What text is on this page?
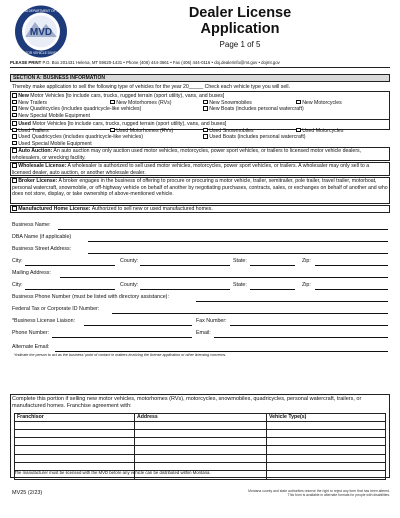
MVD
MONTANA DEPARTMENT OF JUSTICE
MOTOR VEHICLE DIVISION
Dealer License
Application
Page 1 of 5
PLEASE PRINT P.O. Box 201431 Helena, MT 59620-1431 • Phone (406) 444-3661 • Fax (406) 444-0116 • doj.dealerinfo@mt.gov • dojmt.gov
SECTION A: BUSINESS INFORMATION
Thereby make application to sell the following type of vehicles for the year 20_____ Check each vehicle type you will sell.
New Motor Vehicles [to include cars, trucks, rugged terrain (sport utility), vans, and buses]
New Trailers	New Motorhomes (RVs)	New Snowmobiles	New Motorcycles
New Quadricycles (includes quadricycle-like vehicles)	New Boats (includes personal watercraft)
New Special Mobile Equipment
Used Motor Vehicles [to include cars, trucks, rugged terrain (sport utility), vans, and buses]
Used Trailers	Used Motorhomes (RVs)	Used Snowmobiles	Used Motorcycles
Used Quadricycles (includes quadricycle-like vehicles)	Used Boats (includes personal watercraft)
Used Special Mobile Equipment
Auto Auction: An auto auction may only auction used motor vehicles, motorcycles, power sport vehicles, or trailers to licensed motor vehicle dealers, wholesalers, or wrecking facility.
Wholesale License: A wholesaler is authorized to sell used motor vehicles, motorcycles, power sport vehicles, or trailers. A wholesaler may only sell to a licensed dealer, auto auction, or another wholesale dealer.
Broker License: A broker engages in the business of offering to procure or procuring a motor vehicle, trailer, semitrailer, pole trailer, travel trailer, motorboat, personal watercraft, snowmobile, or off-highway vehicle on behalf of another by negotiating purchases, contracts, sales, or exchanges on behalf of another and who does not store, display, or take ownership of above-mentioned vehicle.
Manufactured Home License: Authorized to sell new or used manufactured homes.
Business Name:
DBA Name (if applicable)
Business Street Address:
City:	County:	State:	Zip:
Mailing Address:
City:	County:	State:	Zip:
Business Phone Number (must be listed with directory assistance):
Federal Tax or Corporate ID Number:
*Business License Liaison:	Fax Number:
Phone Number:	Email:
Alternate Email:
*Indicate the person to act as the business' point of contact in matters involving the license application or other licensing concerns.
Complete this portion if selling new motor vehicles, motorhomes (RVs), motorcycles, snowmobiles, quadricycles, personal watercraft, trailers, or manufactured homes. Franchise agreement with:
Franchisor	Address	Vehicle Type(s)

The manufacturer must be licensed with the MVD before any vehicle can be distributed within Montana.
MV25 (2/23)	Montana county and state authorities reserve the right to reject any form that has been altered.
This form is available in alternate formats for people with disabilities.
